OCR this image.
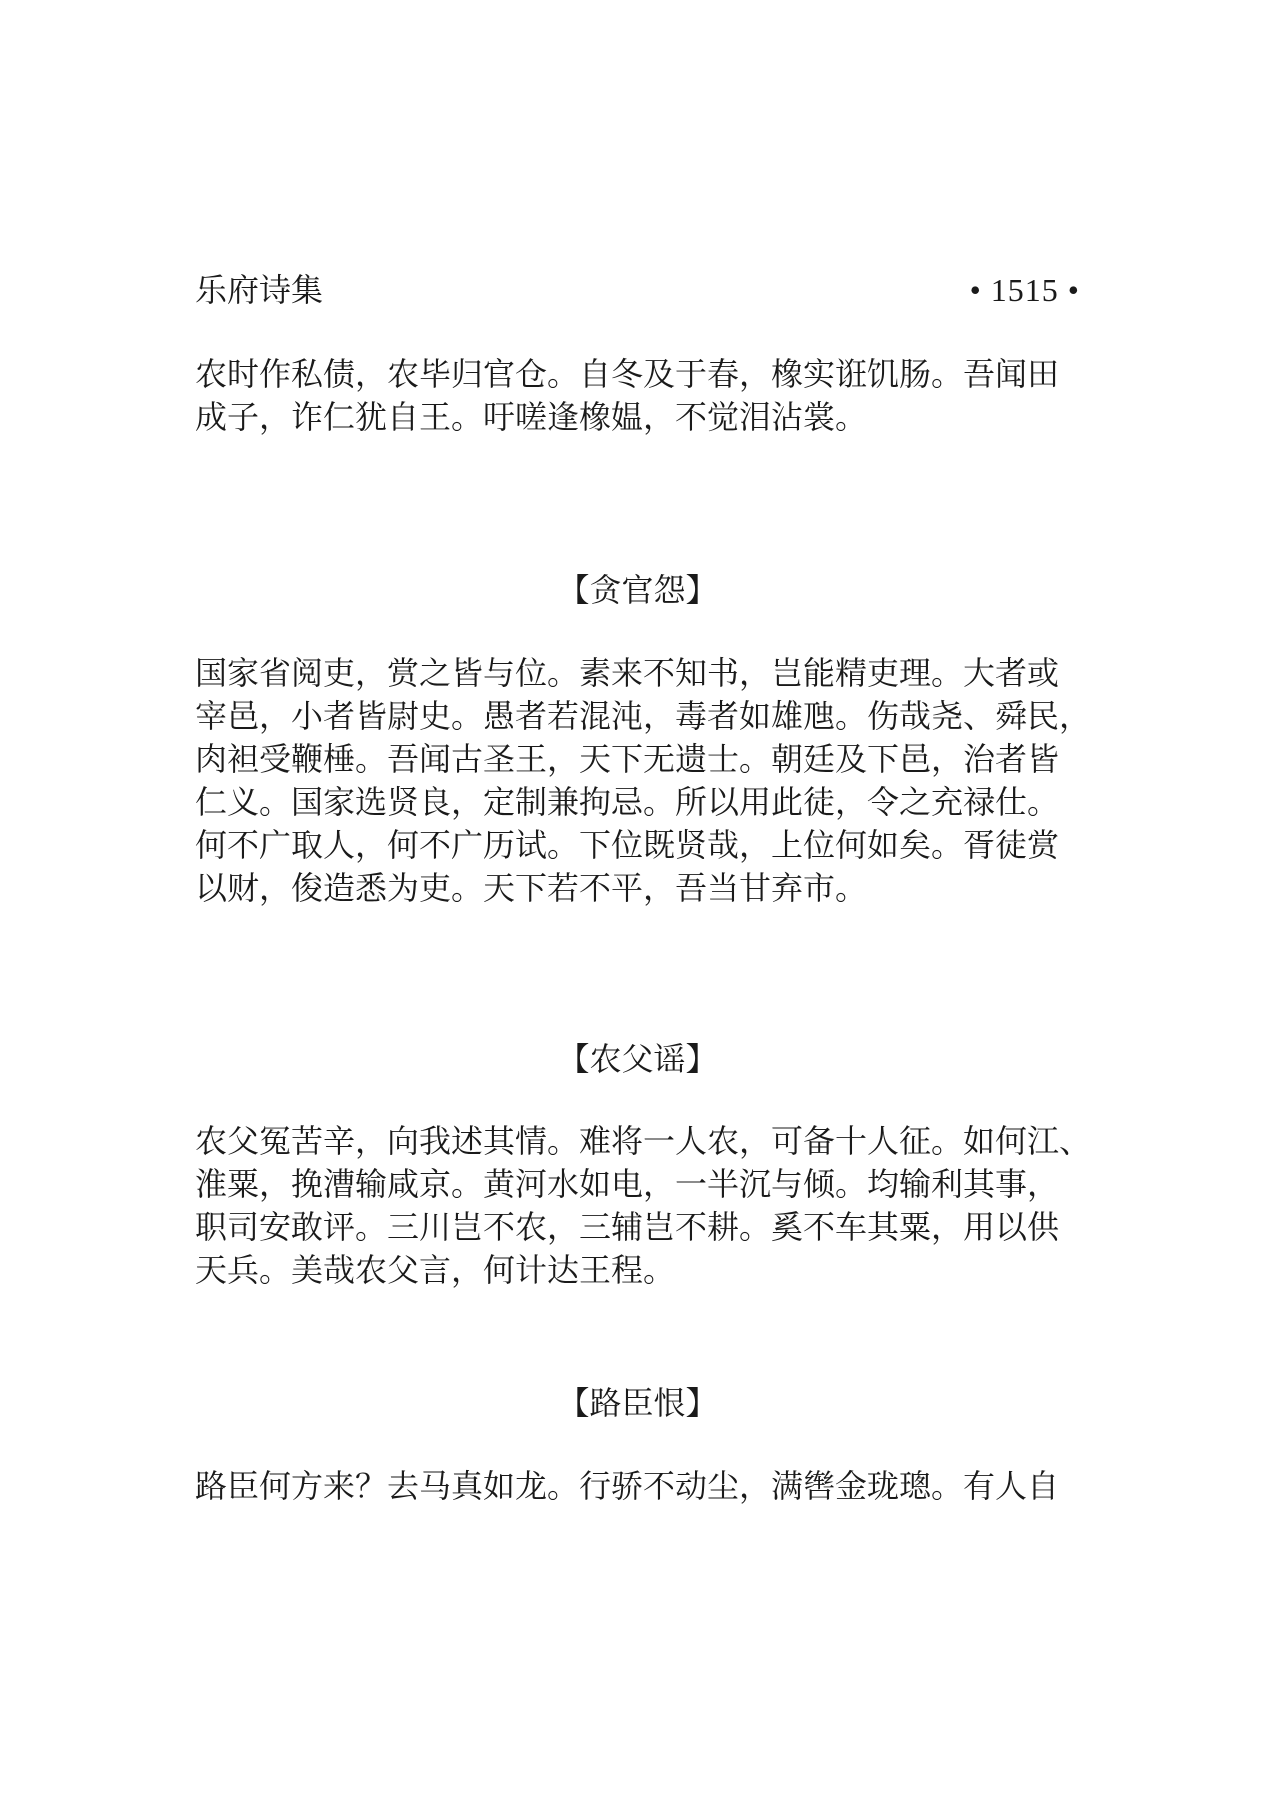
乐府诗集	• 1515 •

农时作私债，农毕归官仓。自冬及于春，橡实诳饥肠。吾闻田
成子，诈仁犹自王。吁嗟逢橡媪，不觉泪沾裳。

【贪官怨】

国家省阅吏，赏之皆与位。素来不知书，岂能精吏理。大者或
宰邑，小者皆尉史。愚者若混沌，毒者如雄虺。伤哉尧、舜民，
肉袒受鞭棰。吾闻古圣王，天下无遗士。朝廷及下邑，治者皆
仁义。国家选贤良，定制兼拘忌。所以用此徒，令之充禄仕。
何不广取人，何不广历试。下位既贤哉，上位何如矣。胥徒赏
以财，俊造悉为吏。天下若不平，吾当甘弃市。

【农父谣】

农父冤苦辛，向我述其情。难将一人农，可备十人征。如何江、
淮粟，挽漕输咸京。黄河水如电，一半沉与倾。均输利其事，
职司安敢评。三川岂不农，三辅岂不耕。奚不车其粟，用以供
天兵。美哉农父言，何计达王程。

【路臣恨】

路臣何方来？去马真如龙。行骄不动尘，满辔金珑璁。有人自
